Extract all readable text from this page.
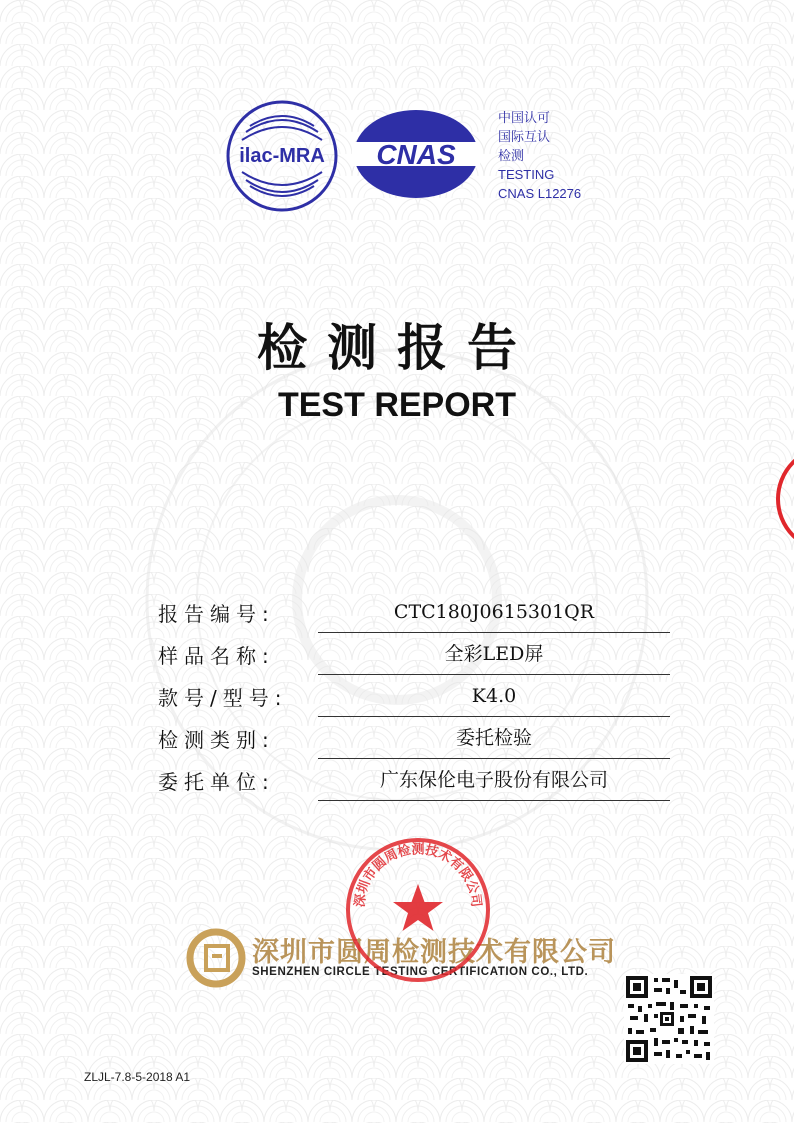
ilac-MRA CNAS
中国认可
国际互认
检测
TESTING
CNAS L12276
检测报告
TEST REPORT
报告编号:	CTC180J0615301QR
样品名称:	全彩LED屏
款号/型号:	K4.0
检测类别:	委托检验
委托单位:	广东保伦电子股份有限公司
深圳市圆周检测技术有限公司
SHENZHEN CIRCLE TESTING CERTIFICATION CO., LTD.
深圳市圆周检测技术有限公司
ZLJL-7.8-5-2018 A1
